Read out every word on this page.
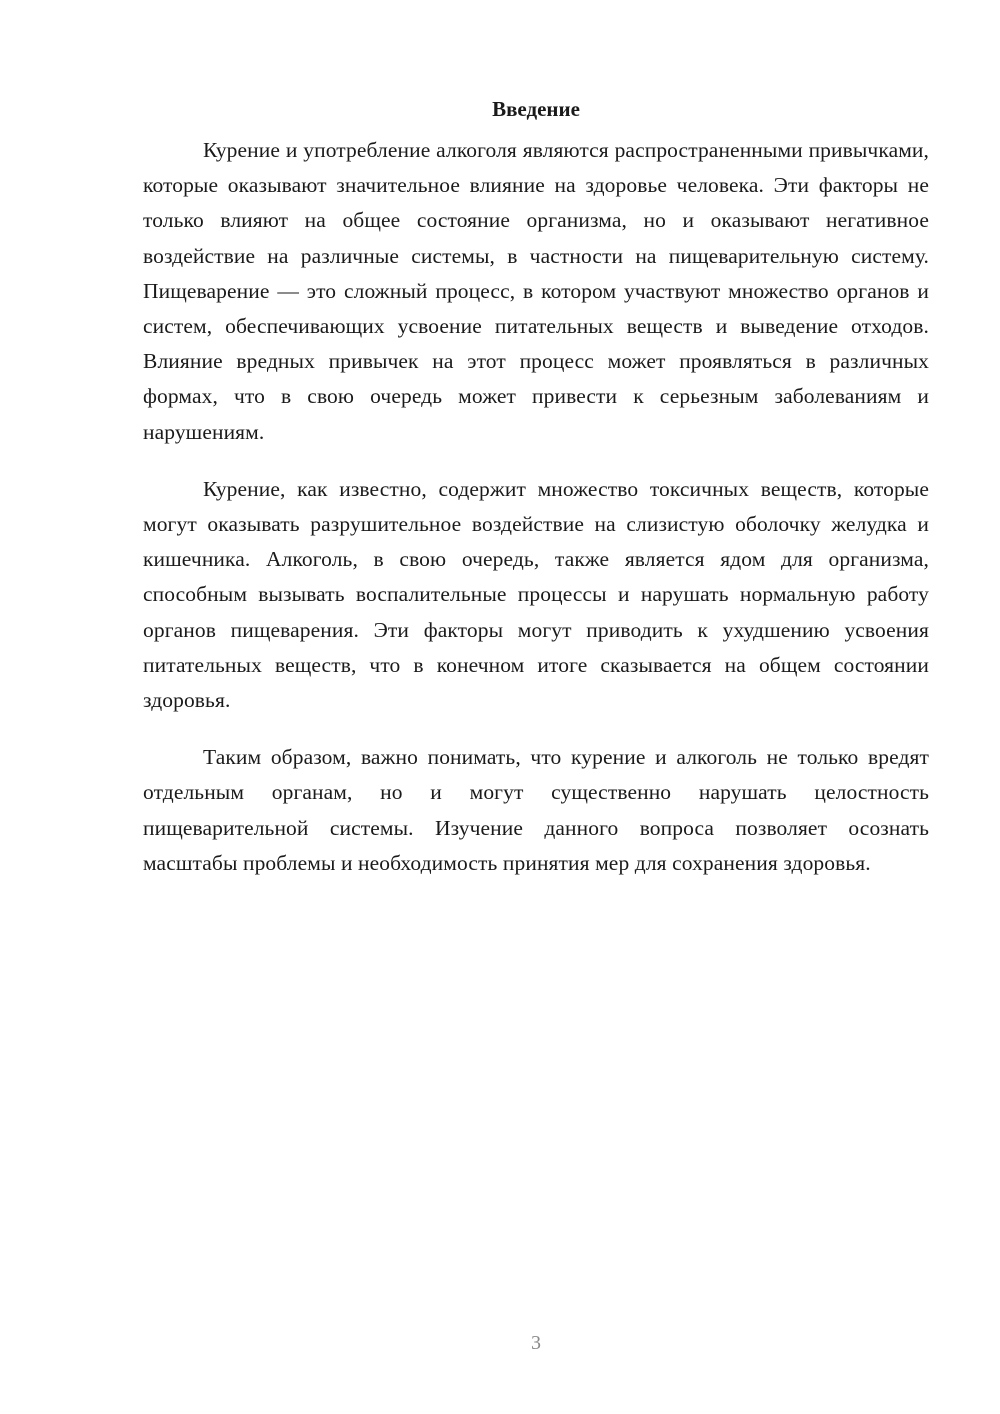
Введение

Курение и употребление алкоголя являются распространенными привычками, которые оказывают значительное влияние на здоровье человека. Эти факторы не только влияют на общее состояние организма, но и оказывают негативное воздействие на различные системы, в частности на пищеварительную систему. Пищеварение — это сложный процесс, в котором участвуют множество органов и систем, обеспечивающих усвоение питательных веществ и выведение отходов. Влияние вредных привычек на этот процесс может проявляться в различных формах, что в свою очередь может привести к серьезным заболеваниям и нарушениям.

Курение, как известно, содержит множество токсичных веществ, которые могут оказывать разрушительное воздействие на слизистую оболочку желудка и кишечника. Алкоголь, в свою очередь, также является ядом для организма, способным вызывать воспалительные процессы и нарушать нормальную работу органов пищеварения. Эти факторы могут приводить к ухудшению усвоения питательных веществ, что в конечном итоге сказывается на общем состоянии здоровья.

Таким образом, важно понимать, что курение и алкоголь не только вредят отдельным органам, но и могут существенно нарушать целостность пищеварительной системы. Изучение данного вопроса позволяет осознать масштабы проблемы и необходимость принятия мер для сохранения здоровья.

3
